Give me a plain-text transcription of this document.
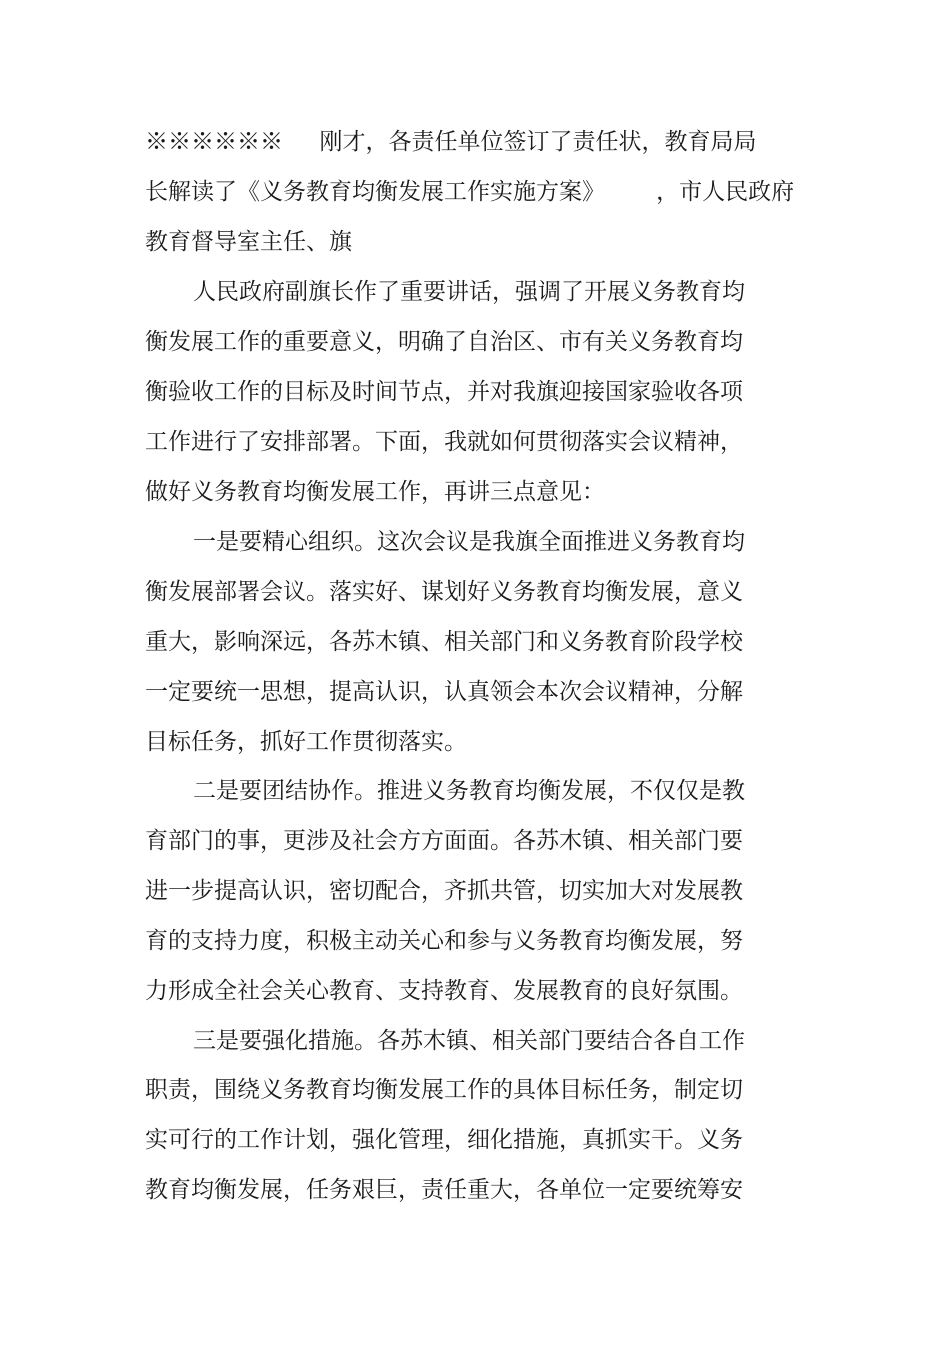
※※※※※※     刚才，各责任单位签订了责任状，教育局局
长解读了《义务教育均衡发展工作实施方案》       ，市人民政府
教育督导室主任、旗
人民政府副旗长作了重要讲话，强调了开展义务教育均
衡发展工作的重要意义，明确了自治区、市有关义务教育均
衡验收工作的目标及时间节点，并对我旗迎接国家验收各项
工作进行了安排部署。下面，我就如何贯彻落实会议精神，
做好义务教育均衡发展工作，再讲三点意见：
一是要精心组织。这次会议是我旗全面推进义务教育均
衡发展部署会议。落实好、谋划好义务教育均衡发展，意义
重大，影响深远，各苏木镇、相关部门和义务教育阶段学校
一定要统一思想，提高认识，认真领会本次会议精神，分解
目标任务，抓好工作贯彻落实。
二是要团结协作。推进义务教育均衡发展，不仅仅是教
育部门的事，更涉及社会方方面面。各苏木镇、相关部门要
进一步提高认识，密切配合，齐抓共管，切实加大对发展教
育的支持力度，积极主动关心和参与义务教育均衡发展，努
力形成全社会关心教育、支持教育、发展教育的良好氛围。
三是要强化措施。各苏木镇、相关部门要结合各自工作
职责，围绕义务教育均衡发展工作的具体目标任务，制定切
实可行的工作计划，强化管理，细化措施，真抓实干。义务
教育均衡发展，任务艰巨，责任重大，各单位一定要统筹安
